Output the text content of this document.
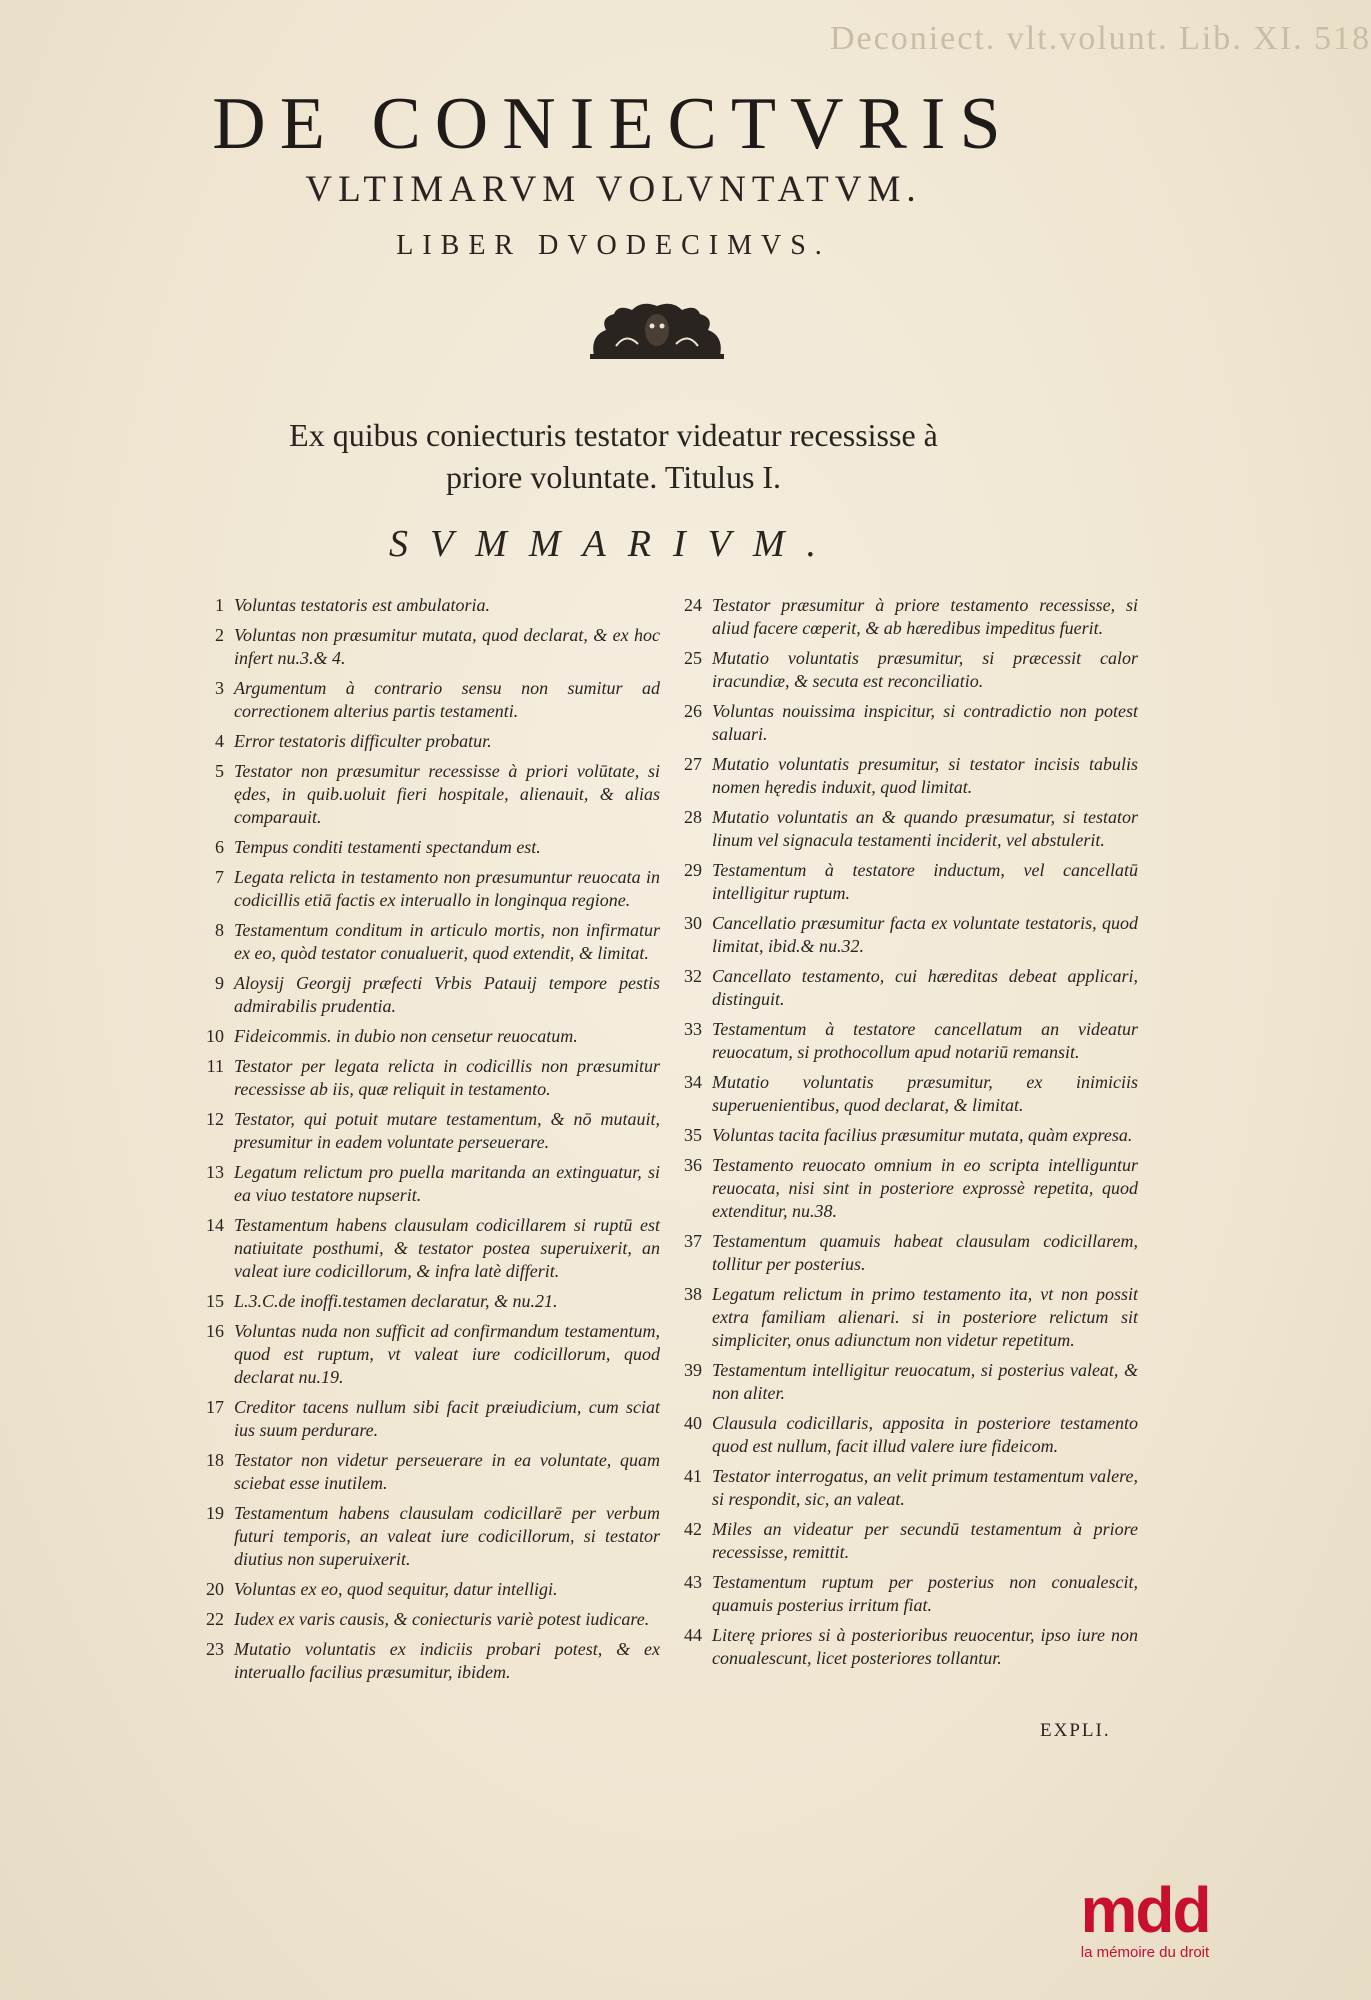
Deconiect. vlt.volunt. Lib. XI. 518
DE CONIECTVRIS
VLTIMARVM VOLVNTATVM.
LIBER DVODECIMVS.
Ex quibus coniecturis testator videatur recessisse à
priore voluntate. Titulus I.
SVMMARIVM.
1 Voluntas testatoris est ambulatoria.
2 Voluntas non præsumitur mutata, quod declarat, & ex hoc infert nu.3.& 4.
3 Argumentum à contrario sensu non sumitur ad correctionem alterius partis testamenti.
4 Error testatoris difficulter probatur.
5 Testator non præsumitur recessisse à priori volūtate, si ędes, in quib.uoluit fieri hospitale, alienauit, & alias comparauit.
6 Tempus conditi testamenti spectandum est.
7 Legata relicta in testamento non præsumuntur reuocata in codicillis etiā factis ex interuallo in longinqua regione.
8 Testamentum conditum in articulo mortis, non infirmatur ex eo, quòd testator conualuerit, quod extendit, & limitat.
9 Aloysij Georgij præfecti Vrbis Patauij tempore pestis admirabilis prudentia.
10 Fideicommis. in dubio non censetur reuocatum.
11 Testator per legata relicta in codicillis non præsumitur recessisse ab iis, quæ reliquit in testamento.
12 Testator, qui potuit mutare testamentum, & nō mutauit, presumitur in eadem voluntate perseuerare.
13 Legatum relictum pro puella maritanda an extinguatur, si ea viuo testatore nupserit.
14 Testamentum habens clausulam codicillarem si ruptū est natiuitate posthumi, & testator postea superuixerit, an valeat iure codicillorum, & infra latè differit.
15 L.3.C.de inoffi.testamen declaratur, & nu.21.
16 Voluntas nuda non sufficit ad confirmandum testamentum, quod est ruptum, vt valeat iure codicillorum, quod declarat nu.19.
17 Creditor tacens nullum sibi facit præiudicium, cum sciat ius suum perdurare.
18 Testator non videtur perseuerare in ea voluntate, quam sciebat esse inutilem.
19 Testamentum habens clausulam codicillarē per verbum futuri temporis, an valeat iure codicillorum, si testator diutius non superuixerit.
20 Voluntas ex eo, quod sequitur, datur intelligi.
22 Iudex ex varis causis, & coniecturis variè potest iudicare.
23 Mutatio voluntatis ex indiciis probari potest, & ex interuallo facilius præsumitur, ibidem.
24 Testator præsumitur à priore testamento recessisse, si aliud facere cœperit, & ab hæredibus impeditus fuerit.
25 Mutatio voluntatis præsumitur, si præcessit calor iracundiæ, & secuta est reconciliatio.
26 Voluntas nouissima inspicitur, si contradictio non potest saluari.
27 Mutatio voluntatis presumitur, si testator incisis tabulis nomen hęredis induxit, quod limitat.
28 Mutatio voluntatis an & quando præsumatur, si testator linum vel signacula testamenti inciderit, vel abstulerit.
29 Testamentum à testatore inductum, vel cancellatū intelligitur ruptum.
30 Cancellatio præsumitur facta ex voluntate testatoris, quod limitat, ibid.& nu.32.
32 Cancellato testamento, cui hæreditas debeat applicari, distinguit.
33 Testamentum à testatore cancellatum an videatur reuocatum, si prothocollum apud notariū remansit.
34 Mutatio voluntatis præsumitur, ex inimiciis superuenientibus, quod declarat, & limitat.
35 Voluntas tacita facilius præsumitur mutata, quàm expresa.
36 Testamento reuocato omnium in eo scripta intelliguntur reuocata, nisi sint in posteriore exprossè repetita, quod extenditur, nu.38.
37 Testamentum quamuis habeat clausulam codicillarem, tollitur per posterius.
38 Legatum relictum in primo testamento ita, vt non possit extra familiam alienari. si in posteriore relictum sit simpliciter, onus adiunctum non videtur repetitum.
39 Testamentum intelligitur reuocatum, si posterius valeat, & non aliter.
40 Clausula codicillaris, apposita in posteriore testamento quod est nullum, facit illud valere iure fideicom.
41 Testator interrogatus, an velit primum testamentum valere, si respondit, sic, an valeat.
42 Miles an videatur per secundū testamentum à priore recessisse, remittit.
43 Testamentum ruptum per posterius non conualescit, quamuis posterius irritum fiat.
44 Literę priores si à posterioribus reuocentur, ipso iure non conualescunt, licet posteriores tollantur.
EXPLI.
mdd
la mémoire du droit
